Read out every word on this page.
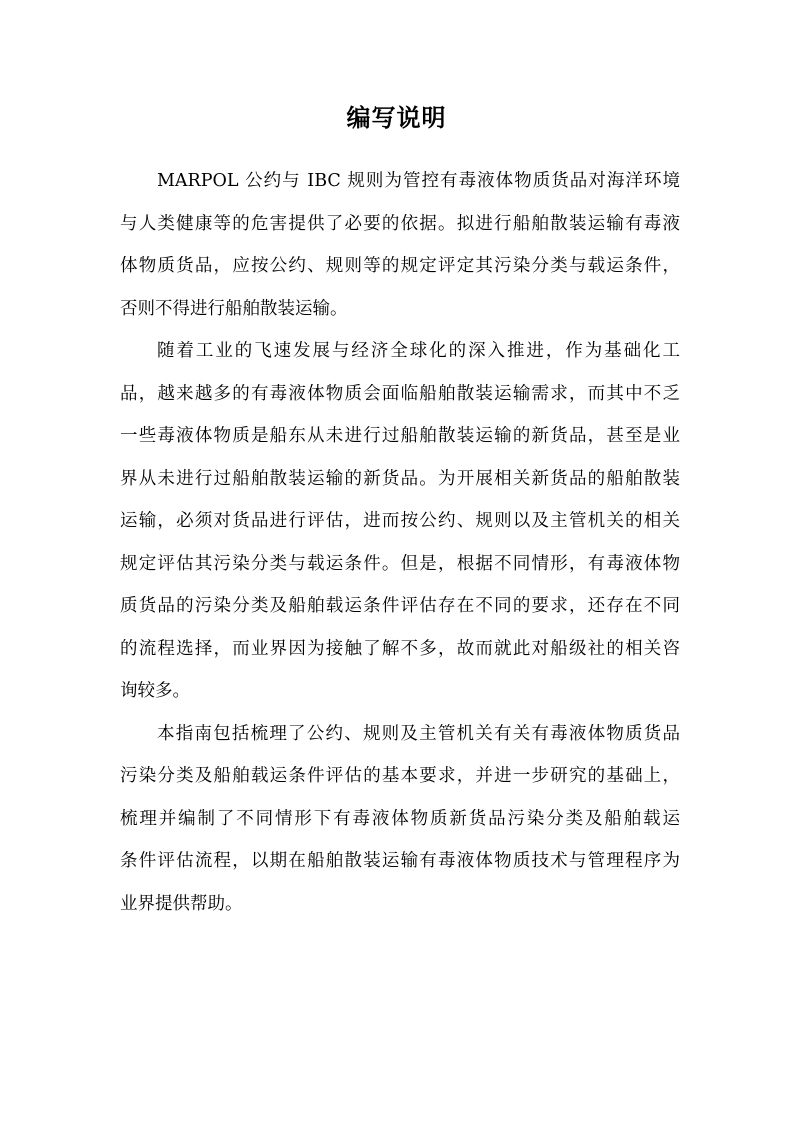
编写说明
MARPOL 公约与 IBC 规则为管控有毒液体物质货品对海洋环境
与人类健康等的危害提供了必要的依据。拟进行船舶散装运输有毒液
体物质货品，应按公约、规则等的规定评定其污染分类与载运条件，
否则不得进行船舶散装运输。
随着工业的飞速发展与经济全球化的深入推进，作为基础化工
品，越来越多的有毒液体物质会面临船舶散装运输需求，而其中不乏
一些毒液体物质是船东从未进行过船舶散装运输的新货品，甚至是业
界从未进行过船舶散装运输的新货品。为开展相关新货品的船舶散装
运输，必须对货品进行评估，进而按公约、规则以及主管机关的相关
规定评估其污染分类与载运条件。但是，根据不同情形，有毒液体物
质货品的污染分类及船舶载运条件评估存在不同的要求，还存在不同
的流程选择，而业界因为接触了解不多，故而就此对船级社的相关咨
询较多。
本指南包括梳理了公约、规则及主管机关有关有毒液体物质货品
污染分类及船舶载运条件评估的基本要求，并进一步研究的基础上，
梳理并编制了不同情形下有毒液体物质新货品污染分类及船舶载运
条件评估流程，以期在船舶散装运输有毒液体物质技术与管理程序为
业界提供帮助。
